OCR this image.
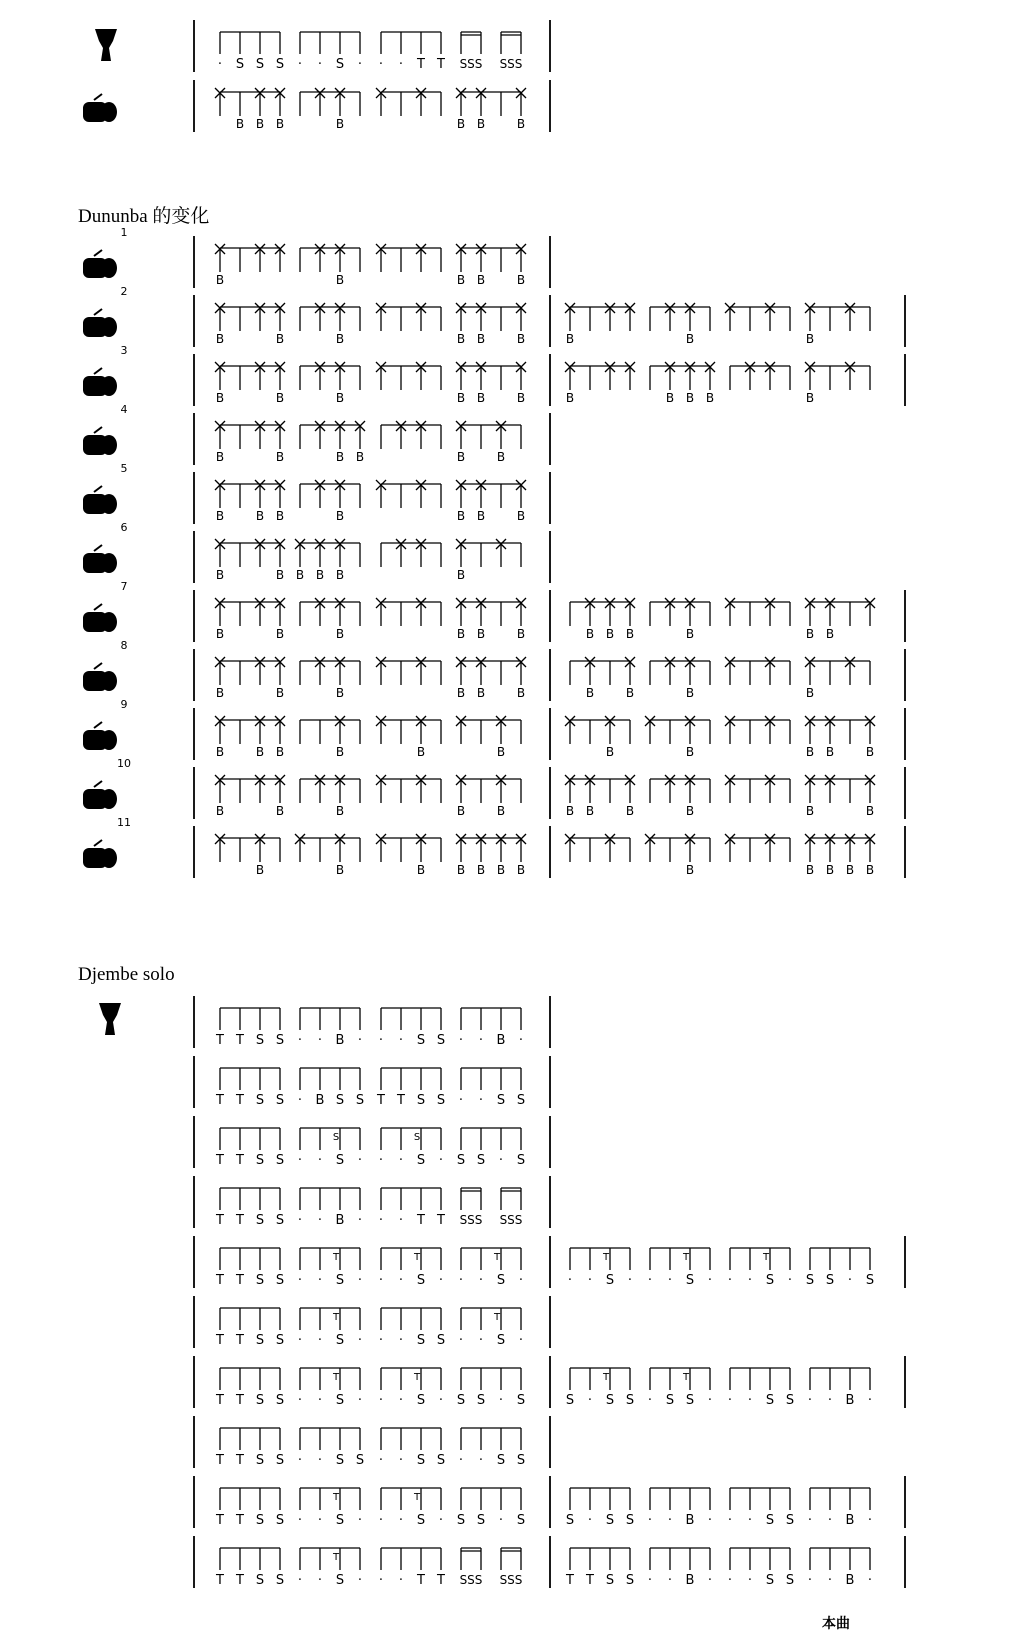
Dununba 的变化
Djembe solo
本曲
· S S S · · S · · · T T SSS SSS
B B B	B	B B	B
1
B	B	B B	B
2
B	B	B	B B	B	B	B	B
3
B	B	B	B B	B	B	B B B	B
4
B	B	B B	B	B
5
B	B B	B	B B	B
6
B	B B B B	B
7
B	B	B	B B	B	B B B	B	B B
8
B	B	B	B B	B	B	B	B	B
9
B	B B	B	B	B	B	B	B B	B
10
B	B	B	B	B	B B	B	B	B	B
11
B	B	B	B B B B	B	B B B B
T T S S · · B · · · S S · · B ·
T T S S · B S S T T S S · · S S
T T S S · · S ·
S
· · S ·
S
S S · S
T T S S · · B · · · T T SSS SSS
T T S S · · S ·
T
· · S ·
T
· · S ·
T
· · S ·
T
· · S ·
T
· · S ·
T
S S · S
T T S S · · S ·
T
· · S S · · S ·
T
T T S S · · S ·
T
· · S ·
T
S S · S	S · S S
T
· S S ·
T
· · S S · · B ·
T T S S · · S S · · S S · · S S
T T S S · · S ·
T
· · S ·
T
S S · S	S · S S · · B · · · S S · · B ·
T T S S · · S ·
T
· · T T SSS SSS	T T S S · · B · · · S S · · B ·
